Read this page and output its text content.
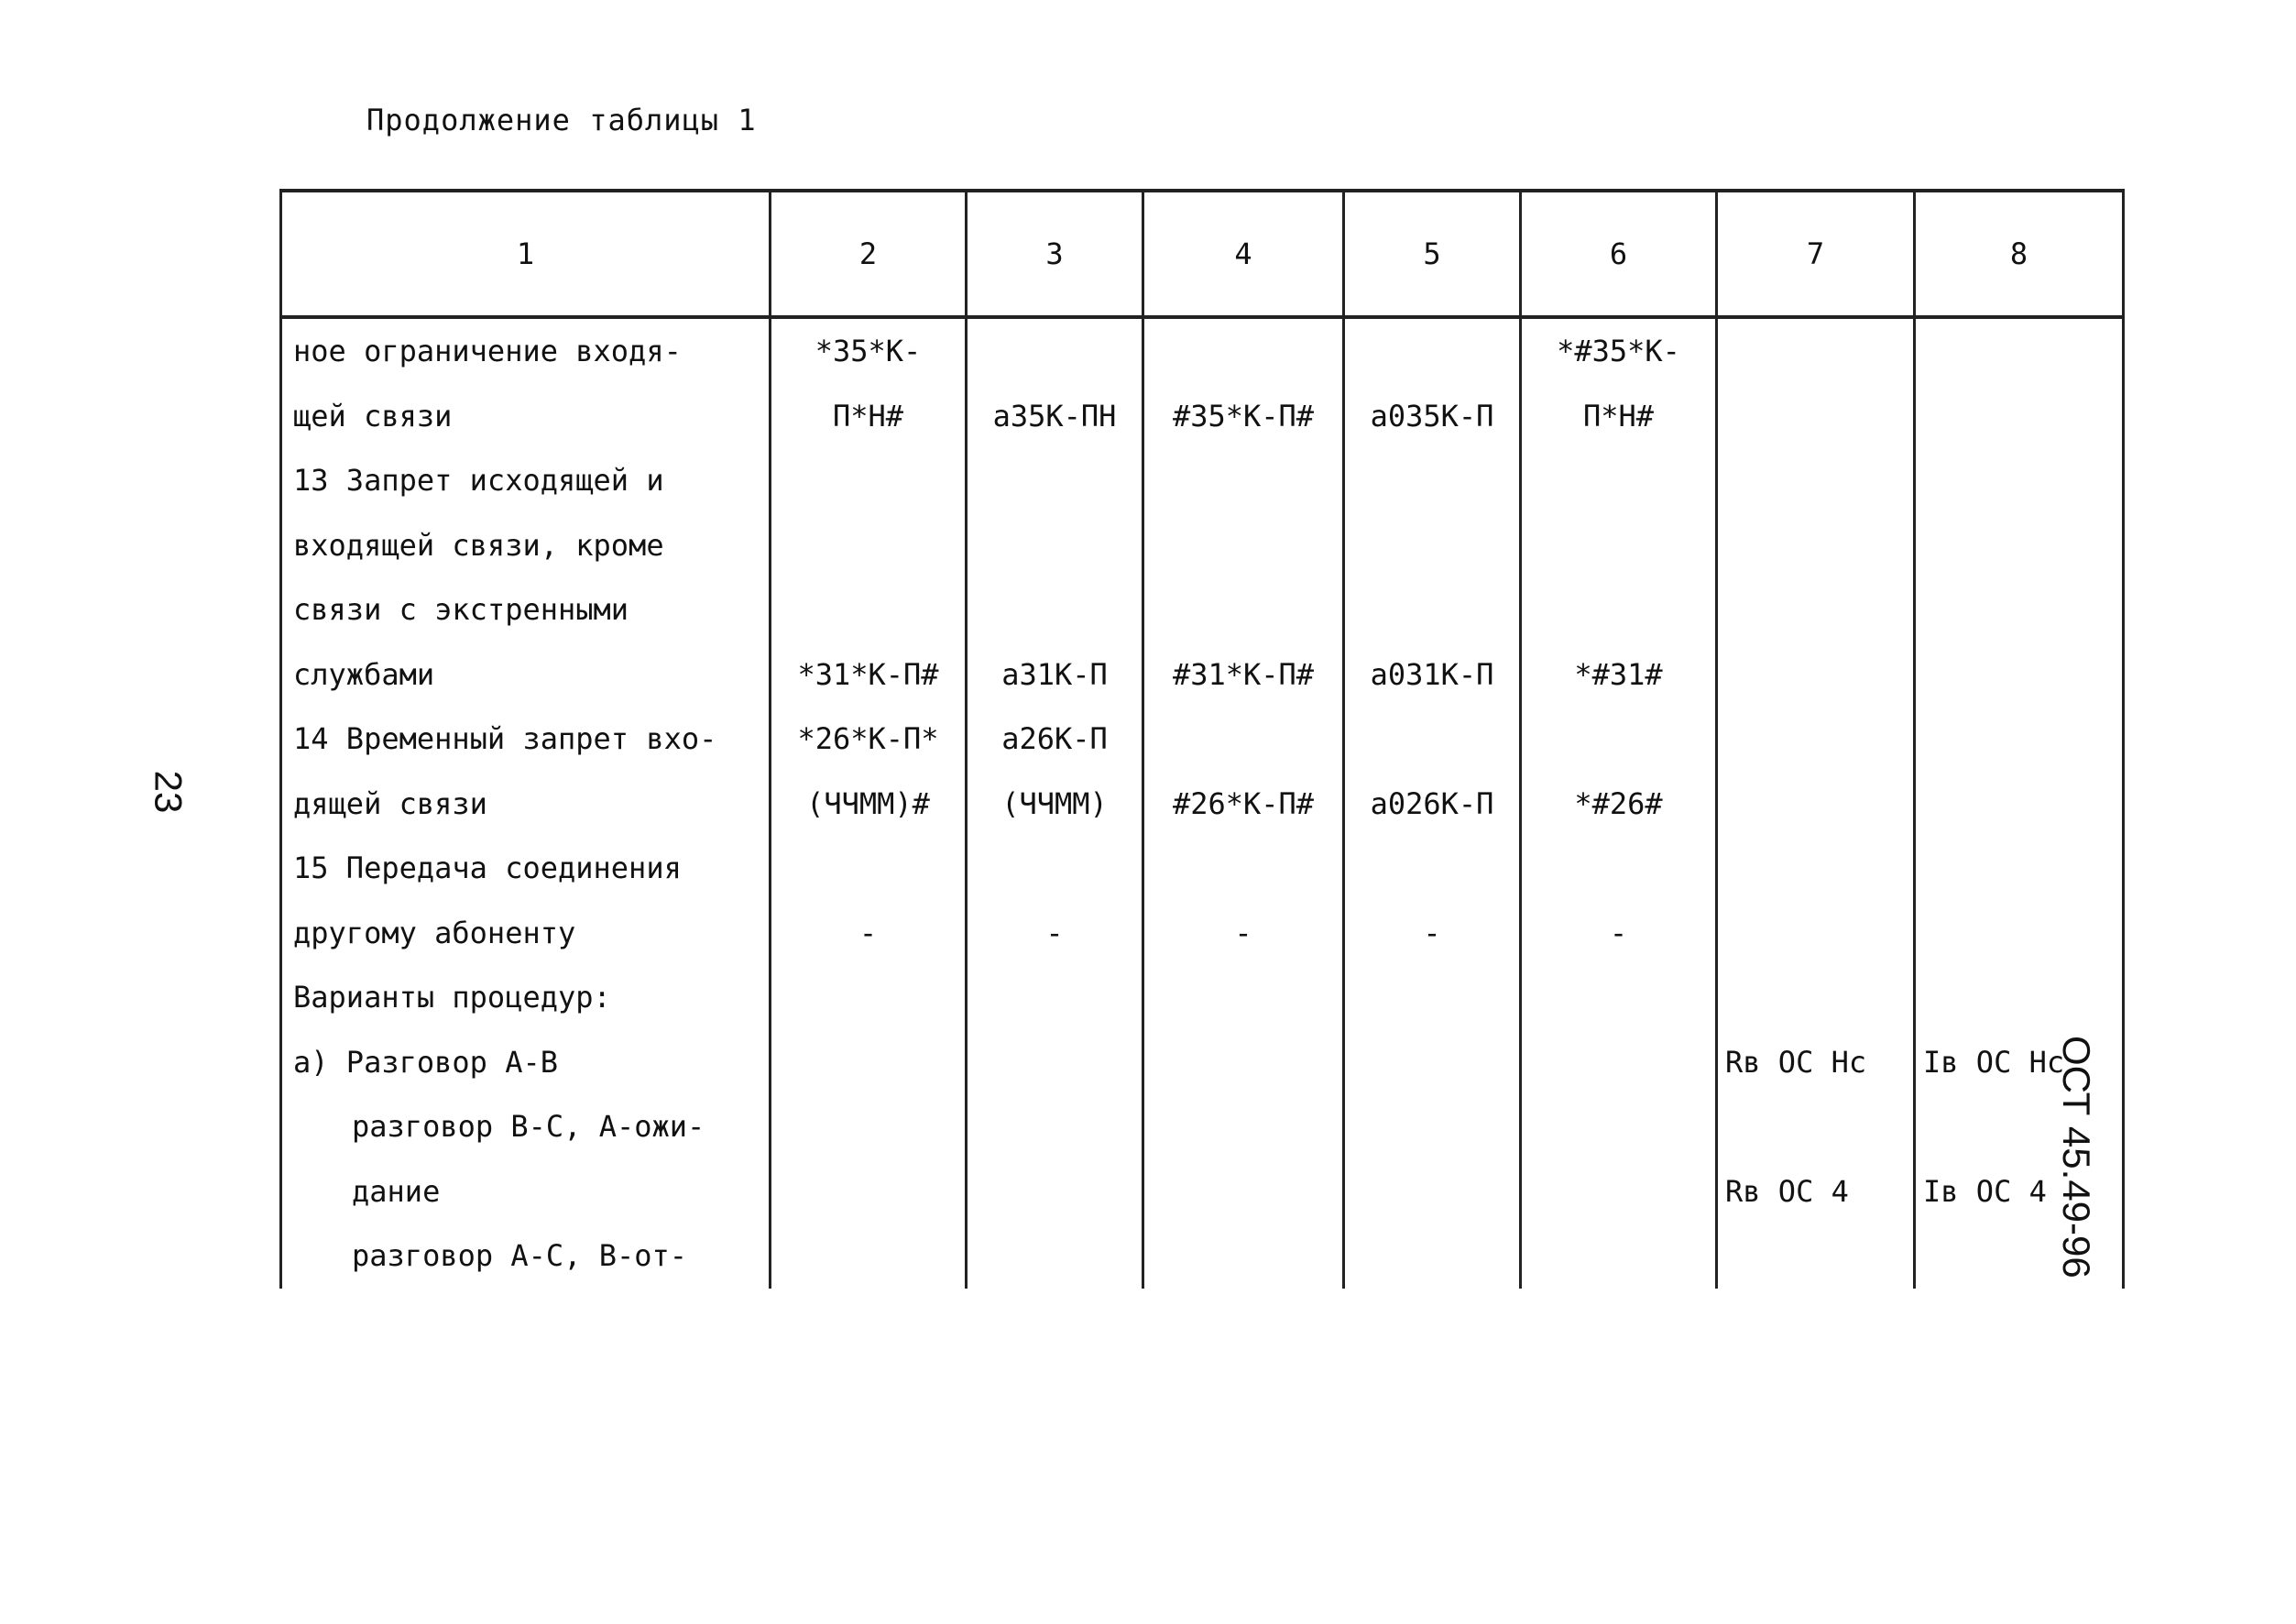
Продолжение таблицы 1
1	2	3	4	5	6	7	8
ное ограничение входя-	*35*К-				*#35*К-		
щей связи	П*Н#	а35К-ПН	#35*К-П#	а035К-П	П*Н#		
13 Запрет исходящей и							
входящей связи, кроме							
связи с экстренными							
службами	*31*К-П#	а31К-П	#31*К-П#	а031К-П	*#31#		
14 Временный запрет вхо-	*26*К-П*	а26К-П					
дящей связи	(ЧЧММ)#	(ЧЧММ)	#26*К-П#	а026К-П	*#26#		
15 Передача соединения							
другому абоненту	-	-	-	-	-		
Варианты процедур:							
а) Разговор А-В						Rв ОС Нс	Iв ОС Нс
разговор В-С, А-ожи-							
дание						Rв ОС 4	Iв ОС 4
разговор А-С, В-от-							
23
ОСТ 45.49-96
